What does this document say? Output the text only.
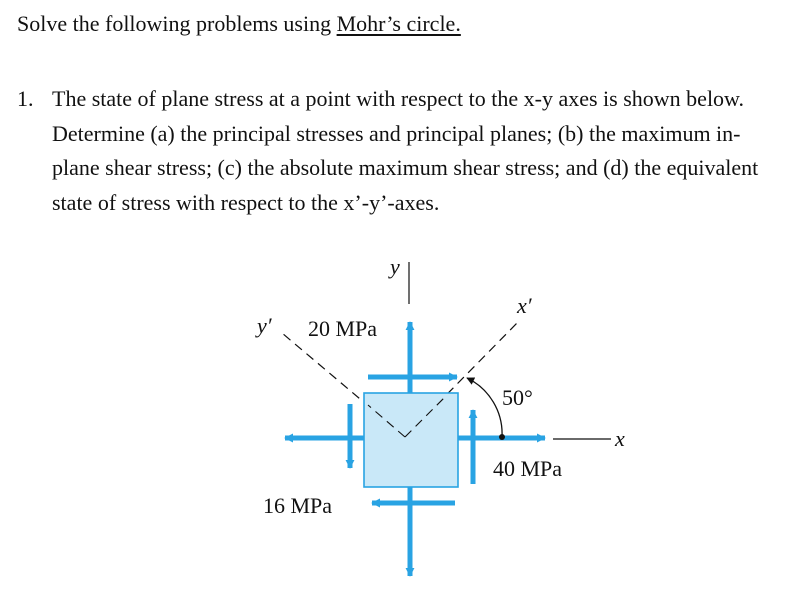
Solve the following problems using Mohr’s circle.
1. The state of plane stress at a point with respect to the x-y axes is shown below.
Determine (a) the principal stresses and principal planes; (b) the maximum in-
plane shear stress; (c) the absolute maximum shear stress; and (d) the equivalent
state of stress with respect to the x’-y’-axes.
y
x
x′
y′ 20 MPa
50°
40 MPa
16 MPa
